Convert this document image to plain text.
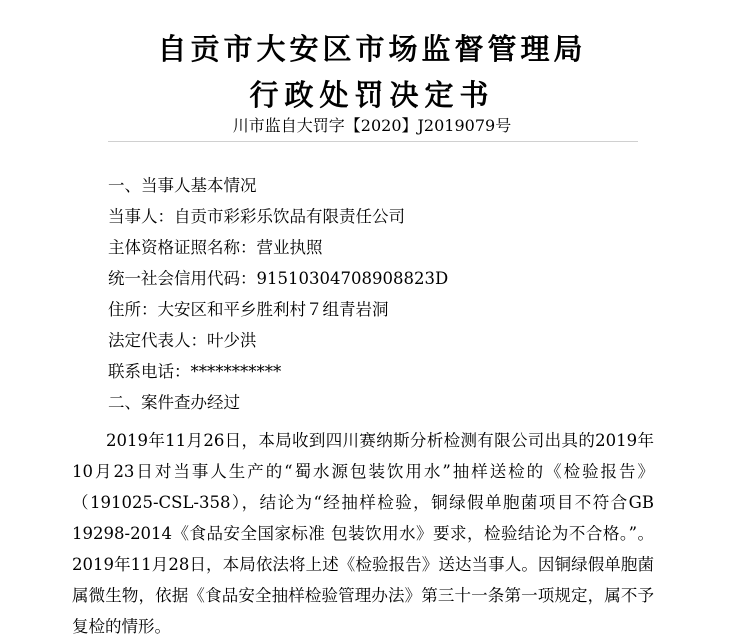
自贡市大安区市场监督管理局
行政处罚决定书
川市监自大罚字【2020】J2019079号
一、当事人基本情况
当事人：自贡市彩彩乐饮品有限责任公司
主体资格证照名称：营业执照
统一社会信用代码：91510304708908823D
住所：大安区和平乡胜利村７组青岩洞
法定代表人：叶少洪
联系电话：***********
二、案件查办经过
2019年11月26日，本局收到四川赛纳斯分析检测有限公司出具的2019年10月23日对当事人生产的“蜀水源包装饮用水”抽样送检的《检验报告》（191025-CSL-358），结论为“经抽样检验，铜绿假单胞菌项目不符合GB 19298-2014《食品安全国家标准 包装饮用水》要求，检验结论为不合格。”。2019年11月28日，本局依法将上述《检验报告》送达当事人。因铜绿假单胞菌属微生物，依据《食品安全抽样检验管理办法》第三十一条第一项规定，属不予复检的情形。
